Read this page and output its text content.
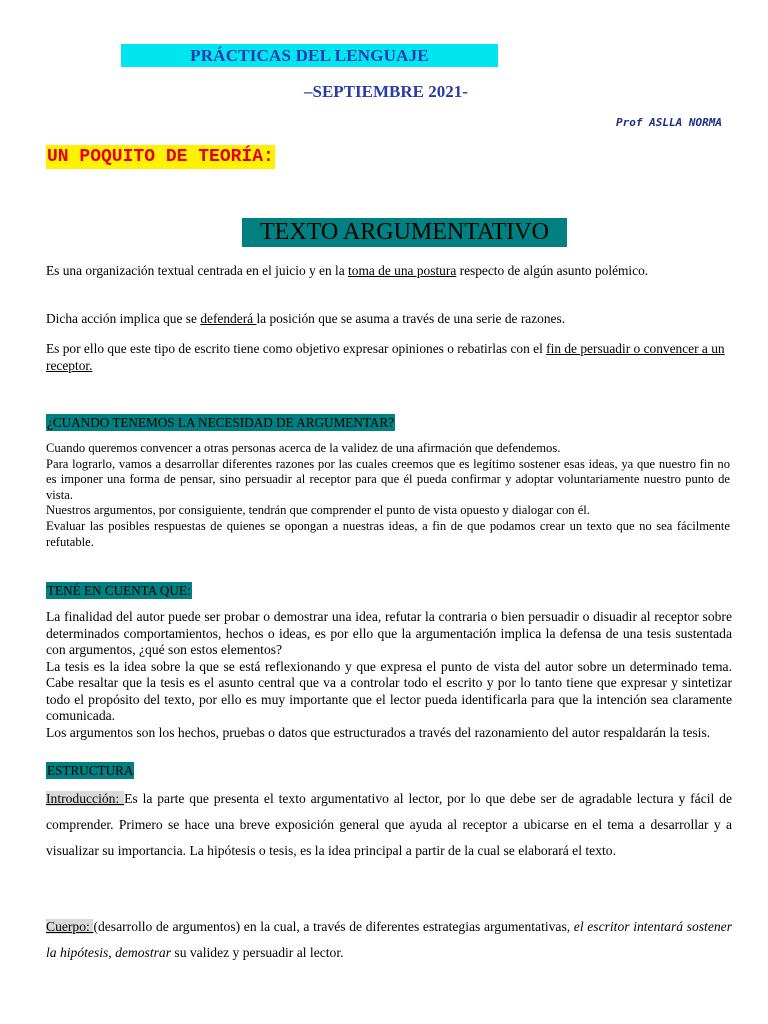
PRÁCTICAS DEL LENGUAJE
–SEPTIEMBRE 2021-
Prof ASLLA NORMA
UN POQUITO DE TEORÍA:
TEXTO ARGUMENTATIVO
Es una organización textual centrada en el juicio y en la toma de una postura respecto de algún asunto polémico.
Dicha acción implica que se defenderá la posición que se asuma a través de una serie de razones.
Es por ello que este tipo de escrito tiene como objetivo expresar opiniones o rebatirlas con el fin de persuadir o convencer a un receptor.
¿CUANDO TENEMOS LA NECESIDAD DE ARGUMENTAR?

Cuando queremos convencer a otras personas acerca de la validez de una afirmación que defendemos.

Para lograrlo, vamos a desarrollar diferentes razones por las cuales creemos que es legítimo sostener esas ideas, ya que nuestro fin no es imponer una forma de pensar, sino persuadir al receptor para que él pueda confirmar y adoptar voluntariamente nuestro punto de vista.

Nuestros argumentos, por consiguiente, tendrán que comprender el punto de vista opuesto y dialogar con él.

Evaluar las posibles respuestas de quienes se opongan a nuestras ideas, a fin de que podamos crear un texto que no sea fácilmente refutable.

TENÉ EN CUENTA QUE:

La finalidad del autor puede ser probar o demostrar una idea, refutar la contraria o bien persuadir o disuadir al receptor sobre determinados comportamientos, hechos o ideas, es por ello que la argumentación implica la defensa de una tesis sustentada con argumentos, ¿qué son estos elementos?

La tesis es la idea sobre la que se está reflexionando y que expresa el punto de vista del autor sobre un determinado tema. Cabe resaltar que la tesis es el asunto central que va a controlar todo el escrito y por lo tanto tiene que expresar y sintetizar todo el propósito del texto, por ello es muy importante que el lector pueda identificarla para que la intención sea claramente comunicada.

Los argumentos son los hechos, pruebas o datos que estructurados a través del razonamiento del autor respaldarán la tesis.

ESTRUCTURA
Introducción: Es la parte que presenta el texto argumentativo al lector, por lo que debe ser de agradable lectura y fácil de comprender. Primero se hace una breve exposición general que ayuda al receptor a ubicarse en el tema a desarrollar y a visualizar su importancia. La hipótesis o tesis, es la idea principal a partir de la cual se elaborará el texto.
Cuerpo: (desarrollo de argumentos) en la cual, a través de diferentes estrategias argumentativas, el escritor intentará sostener la hipótesis, demostrar su validez y persuadir al lector.
